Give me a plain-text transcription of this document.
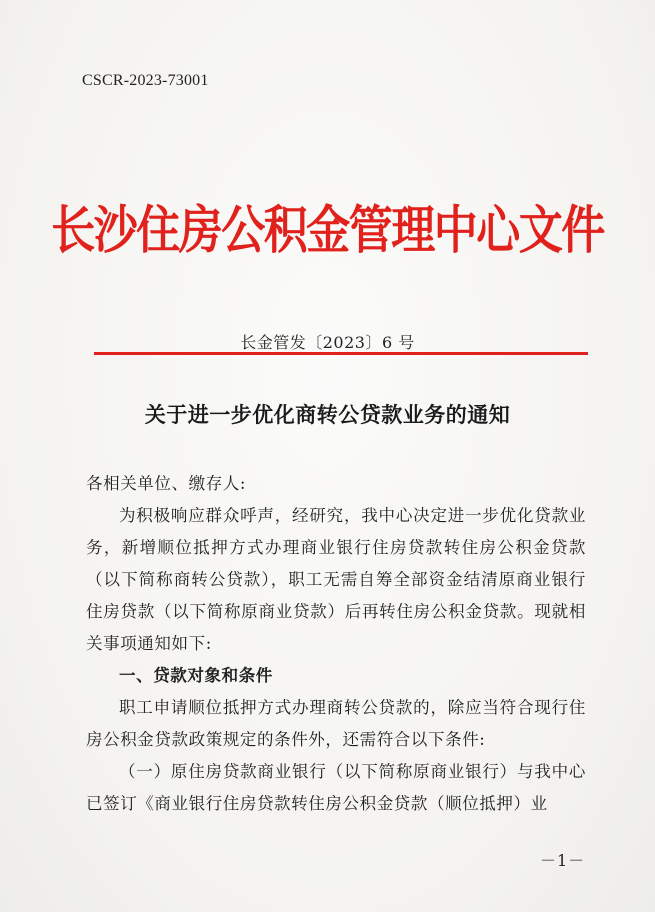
CSCR-2023-73001
长沙住房公积金管理中心文件
长金管发〔2023〕6 号
关于进一步优化商转公贷款业务的通知
各相关单位、缴存人:
为积极响应群众呼声，经研究，我中心决定进一步优化贷款业务，新增顺位抵押方式办理商业银行住房贷款转住房公积金贷款（以下简称商转公贷款），职工无需自筹全部资金结清原商业银行住房贷款（以下简称原商业贷款）后再转住房公积金贷款。现就相关事项通知如下:
一、贷款对象和条件
职工申请顺位抵押方式办理商转公贷款的，除应当符合现行住房公积金贷款政策规定的条件外，还需符合以下条件:
（一）原住房贷款商业银行（以下简称原商业银行）与我中心已签订《商业银行住房贷款转住房公积金贷款（顺位抵押）业
－1－
